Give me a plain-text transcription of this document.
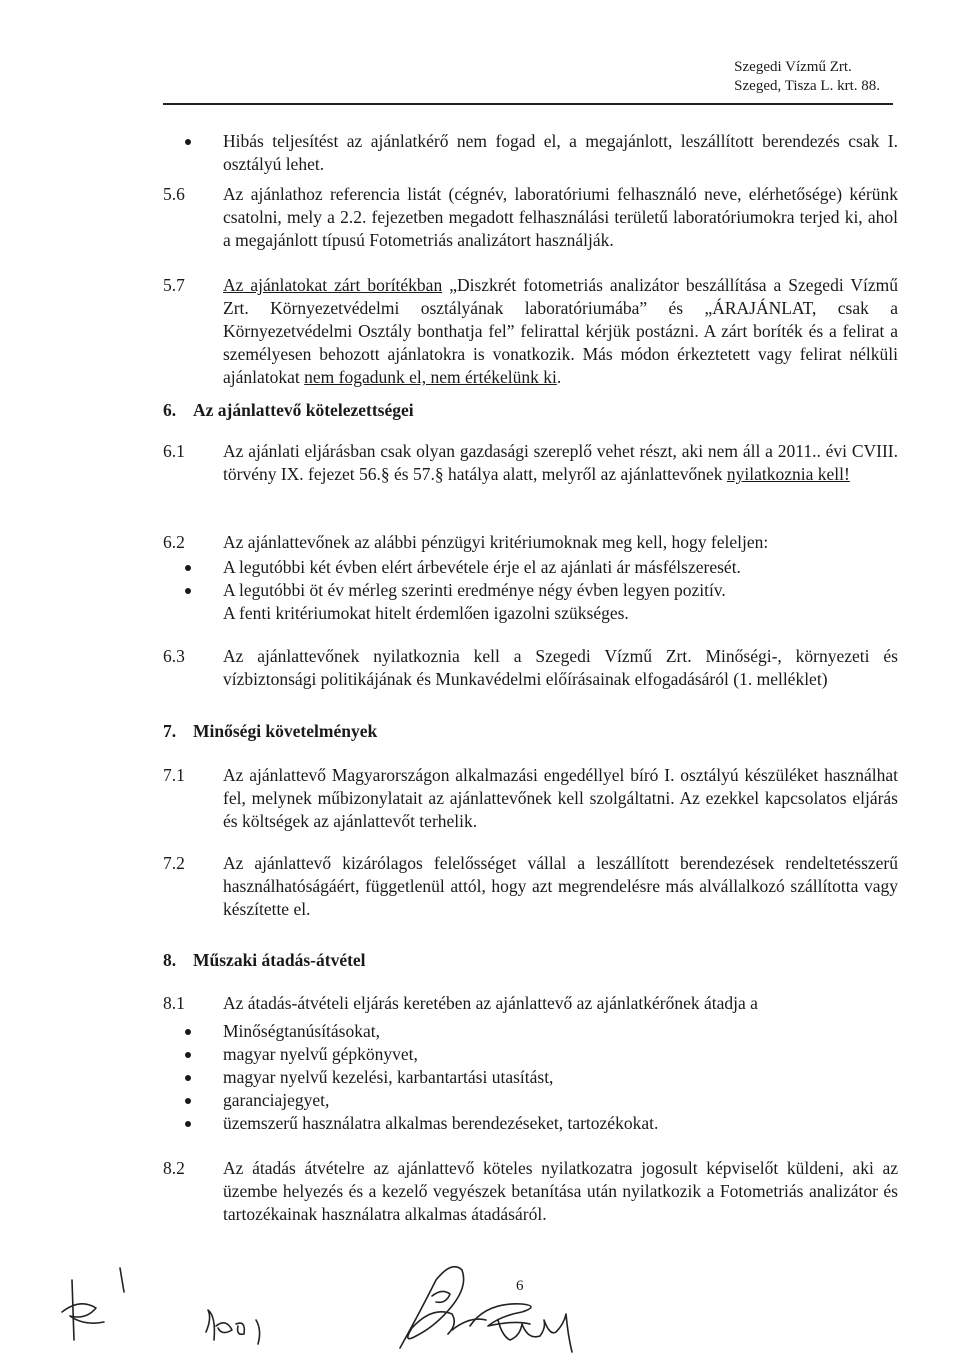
Szegedi Vízmű Zrt.
Szeged, Tisza L. krt. 88.
Hibás teljesítést az ajánlatkérő nem fogad el, a megajánlott, leszállított berendezés csak I. osztályú lehet.
5.6	Az ajánlathoz referencia listát (cégnév, laboratóriumi felhasználó neve, elérhetősége) kérünk csatolni, mely a 2.2. fejezetben megadott felhasználási területű laboratóriumokra terjed ki, ahol a megajánlott típusú Fotometriás analizátort használják.
5.7	Az ajánlatokat zárt borítékban „Diszkrét fotometriás analizátor beszállítása a Szegedi Vízmű Zrt. Környezetvédelmi osztályának laboratóriumába” és „ÁRAJÁNLAT, csak a Környezetvédelmi Osztály bonthatja fel” felirattal kérjük postázni. A zárt boríték és a felirat a személyesen behozott ajánlatokra is vonatkozik. Más módon érkeztetett vagy felirat nélküli ajánlatokat nem fogadunk el, nem értékelünk ki.
6. Az ajánlattevő kötelezettségei
6.1	Az ajánlati eljárásban csak olyan gazdasági szereplő vehet részt, aki nem áll a 2011.. évi CVIII. törvény IX. fejezet 56.§ és 57.§ hatálya alatt, melyről az ajánlattevőnek nyilatkoznia kell!
6.2	Az ajánlattevőnek az alábbi pénzügyi kritériumoknak meg kell, hogy feleljen:
A legutóbbi két évben elért árbevétele érje el az ajánlati ár másfélszeresét.
A legutóbbi öt év mérleg szerinti eredménye négy évben legyen pozitív.
A fenti kritériumokat hitelt érdemlően igazolni szükséges.
6.3	Az ajánlattevőnek nyilatkoznia kell a Szegedi Vízmű Zrt. Minőségi-, környezeti és vízbiztonsági politikájának és Munkavédelmi előírásainak elfogadásáról (1. melléklet)
7. Minőségi követelmények
7.1	Az ajánlattevő Magyarországon alkalmazási engedéllyel bíró I. osztályú készüléket használhat fel, melynek műbizonylatait az ajánlattevőnek kell szolgáltatni. Az ezekkel kapcsolatos eljárás és költségek az ajánlattevőt terhelik.
7.2	Az ajánlattevő kizárólagos felelősséget vállal a leszállított berendezések rendeltetésszerű használhatóságáért, függetlenül attól, hogy azt megrendelésre más alvállalkozó szállította vagy készítette el.
8. Műszaki átadás-átvétel
8.1	Az átadás-átvételi eljárás keretében az ajánlattevő az ajánlatkérőnek átadja a
Minőségtanúsításokat,
magyar nyelvű gépkönyvet,
magyar nyelvű kezelési, karbantartási utasítást,
garanciajegyet,
üzemszerű használatra alkalmas berendezéseket, tartozékokat.
8.2	Az átadás átvételre az ajánlattevő köteles nyilatkozatra jogosult képviselőt küldeni, aki az üzembe helyezés és a kezelő vegyészek betanítása után nyilatkozik a Fotometriás analizátor és tartozékainak használatra alkalmas átadásáról.
6
